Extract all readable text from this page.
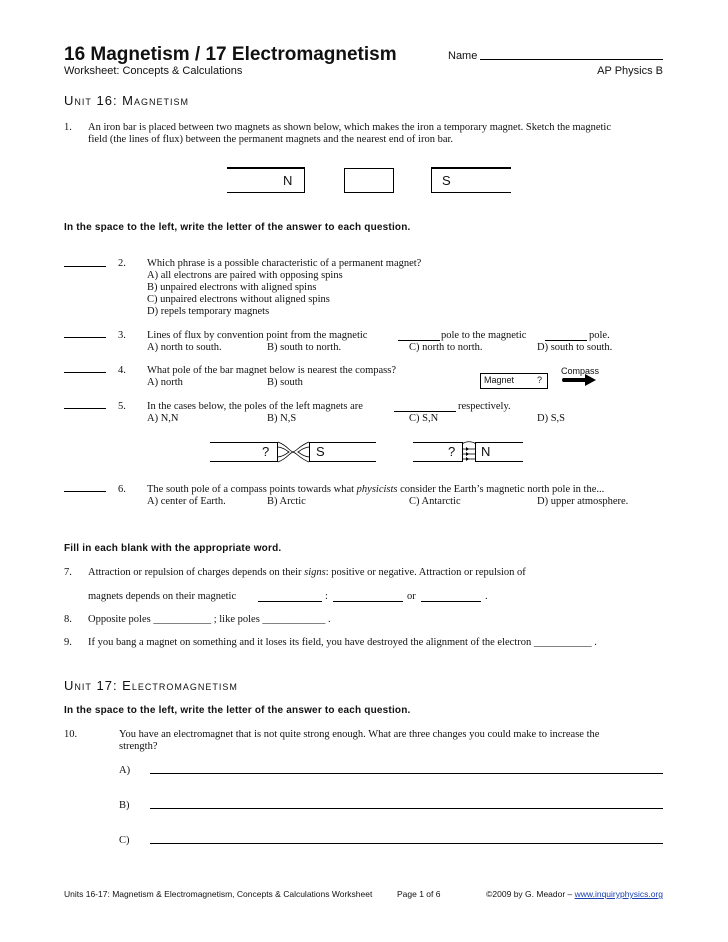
16 Magnetism / 17 Electromagnetism
Worksheet: Concepts & Calculations
Name
AP Physics B
Unit 16: Magnetism
1. An iron bar is placed between two magnets as shown below, which makes the iron a temporary magnet. Sketch the magnetic
field (the lines of flux) between the permanent magnets and the nearest end of iron bar.
N	S
In the space to the left, write the letter of the answer to each question.
2. Which phrase is a possible characteristic of a permanent magnet?
A) all electrons are paired with opposing spins
B) unpaired electrons with aligned spins
C) unpaired electrons without aligned spins
D) repels temporary magnets
3. Lines of flux by convention point from the magnetic	pole to the magnetic	pole.
A) north to south.	B) south to north.	C) north to north.	D) south to south.
4. What pole of the bar magnet below is nearest the compass?
A) north	B) south	Magnet	?
Compass
5. In the cases below, the poles of the left magnets are	respectively.
A) N,N	B) N,S	C) S,N	D) S,S
?	S	? N
6. The south pole of a compass points towards what physicists consider the Earth’s magnetic north pole in the...
A) center of Earth.	B) Arctic	C) Antarctic	D) upper atmosphere.
Fill in each blank with the appropriate word.
7. Attraction or repulsion of charges depends on their signs: positive or negative. Attraction or repulsion of
magnets depends on their magnetic	:	or	.
8. Opposite poles ___________ ; like poles ____________ .
9. If you bang a magnet on something and it loses its field, you have destroyed the alignment of the electron ___________ .
Unit 17: Electromagnetism
In the space to the left, write the letter of the answer to each question.
10.	You have an electromagnet that is not quite strong enough. What are three changes you could make to increase the
strength?
A)
B)
C)
Units 16-17: Magnetism & Electromagnetism, Concepts & Calculations Worksheet	Page 1 of 6	©2009 by G. Meador – www.inquiryphysics.org
